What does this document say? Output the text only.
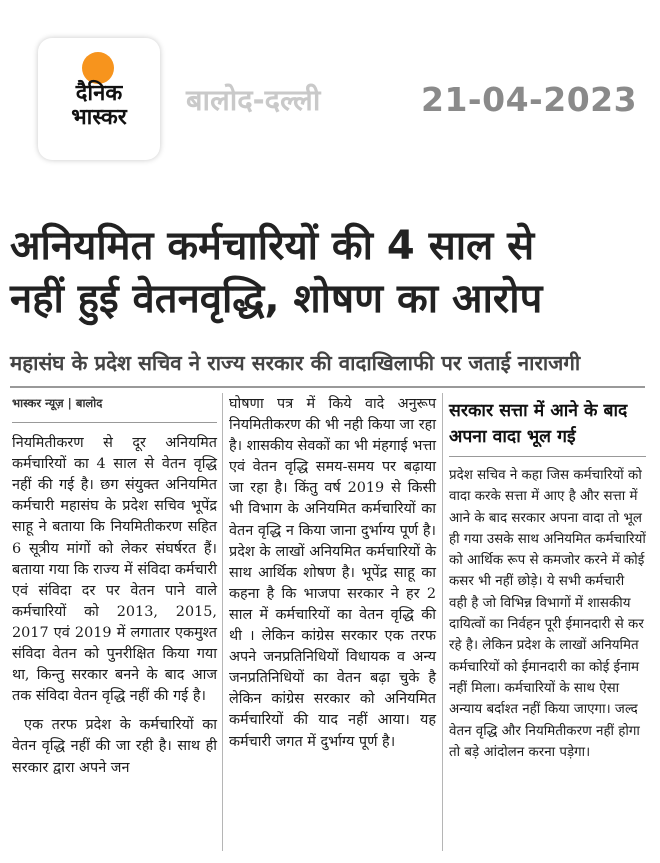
दैनिक
भास्कर
बालोद-दल्ली	21-04-2023
अनियमित कर्मचारियों की 4 साल से
नहीं हुई वेतनवृद्धि, शोषण का आरोप
महासंघ के प्रदेश सचिव ने राज्य सरकार की वादाखिलाफी पर जताई नाराजगी
भास्कर न्यूज़ | बालोद

नियमितीकरण से दूर अनियमित कर्मचारियों का 4 साल से वेतन वृद्धि नहीं की गई है। छग संयुक्त अनियमित कर्मचारी महासंघ के प्रदेश सचिव भूपेंद्र साहू ने बताया कि नियमितीकरण सहित 6 सूत्रीय मांगों को लेकर संघर्षरत हैं। बताया गया कि राज्य में संविदा कर्मचारी एवं संविदा दर पर वेतन पाने वाले कर्मचारियों को 2013, 2015, 2017 एवं 2019 में लगातार एकमुश्त संविदा वेतन को पुनरीक्षित किया गया था, किन्तु सरकार बनने के बाद आज तक संविदा वेतन वृद्धि नहीं की गई है।

एक तरफ प्रदेश के कर्मचारियों का वेतन वृद्धि नहीं की जा रही है। साथ ही सरकार द्वारा अपने जन

घोषणा पत्र में किये वादे अनुरूप नियमितीकरण की भी नही किया जा रहा है। शासकीय सेवकों का भी मंहगाई भत्ता एवं वेतन वृद्धि समय-समय पर बढ़ाया जा रहा है। किंतु वर्ष 2019 से किसी भी विभाग के अनियमित कर्मचारियों का वेतन वृद्धि न किया जाना दुर्भाग्य पूर्ण है। प्रदेश के लाखों अनियमित कर्मचारियों के साथ आर्थिक शोषण है। भूपेंद्र साहू का कहना है कि भाजपा सरकार ने हर 2 साल में कर्मचारियों का वेतन वृद्धि की थी । लेकिन कांग्रेस सरकार एक तरफ अपने जनप्रतिनिधियों विधायक व अन्य जनप्रतिनिधियों का वेतन बढ़ा चुके है लेकिन कांग्रेस सरकार को अनियमित कर्मचारियों की याद नहीं आया। यह कर्मचारी जगत में दुर्भाग्य पूर्ण है।

सरकार सत्ता में आने के बाद अपना वादा भूल गई

प्रदेश सचिव ने कहा जिस कर्मचारियों को वादा करके सत्ता में आए है और सत्ता में आने के बाद सरकार अपना वादा तो भूल ही गया उसके साथ अनियमित कर्मचारियों को आर्थिक रूप से कमजोर करने में कोई कसर भी नहीं छोड़े। ये सभी कर्मचारी वही है जो विभिन्न विभागों में शासकीय दायित्वों का निर्वहन पूरी ईमानदारी से कर रहे है। लेकिन प्रदेश के लाखों अनियमित कर्मचारियों को ईमानदारी का कोई ईनाम नहीं मिला। कर्मचारियों के साथ ऐसा अन्याय बर्दाश्त नहीं किया जाएगा। जल्द वेतन वृद्धि और नियमितीकरण नहीं होगा तो बड़े आंदोलन करना पड़ेगा।
